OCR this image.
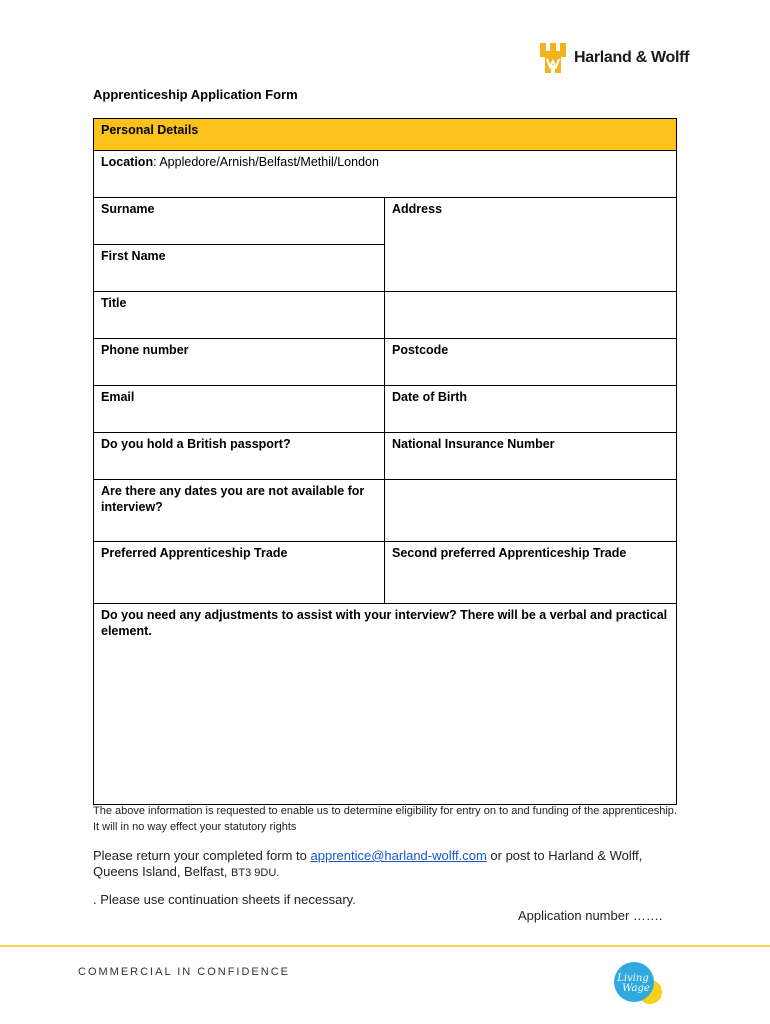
Harland & Wolff
Apprenticeship Application Form
Personal Details	
Location: Appledore/Arnish/Belfast/Methil/London	
Surname	Address
First Name	
Title	
Phone number	Postcode
Email	Date of Birth
Do you hold a British passport?	National Insurance Number
Are there any dates you are not available for interview?	
Preferred Apprenticeship Trade	Second preferred Apprenticeship Trade
Do you need any adjustments to assist with your interview? There will be a verbal and practical element.	
The above information is requested to enable us to determine eligibility for entry on to and funding of the apprenticeship. It will in no way effect your statutory rights
Please return your completed form to apprentice@harland-wolff.com or post to Harland & Wolff, Queens Island, Belfast, BT3 9DU.
. Please use continuation sheets if necessary.
Application number …….
COMMERCIAL IN CONFIDENCE
Living
Wage
